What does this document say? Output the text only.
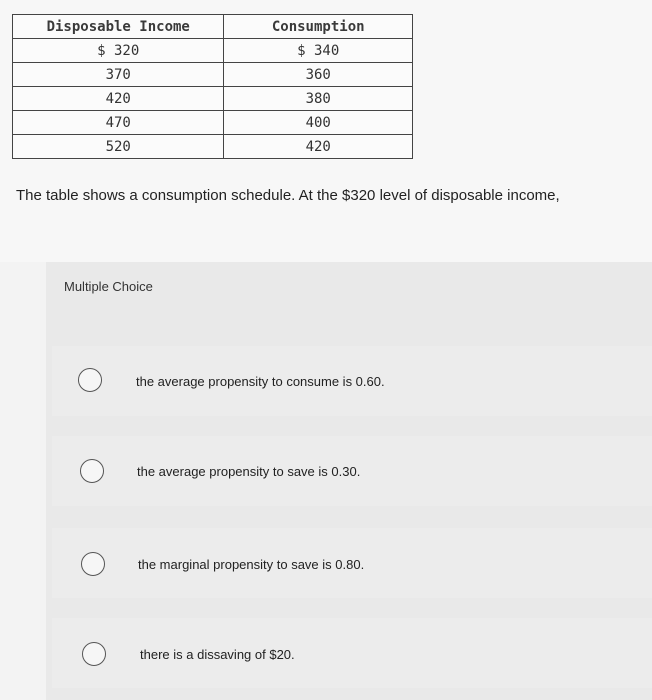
Disposable Income	Consumption
$ 320	$ 340
370	360
420	380
470	400
520	420
The table shows a consumption schedule. At the $320 level of disposable income,
Multiple Choice
the average propensity to consume is 0.60.
the average propensity to save is 0.30.
the marginal propensity to save is 0.80.
there is a dissaving of $20.
